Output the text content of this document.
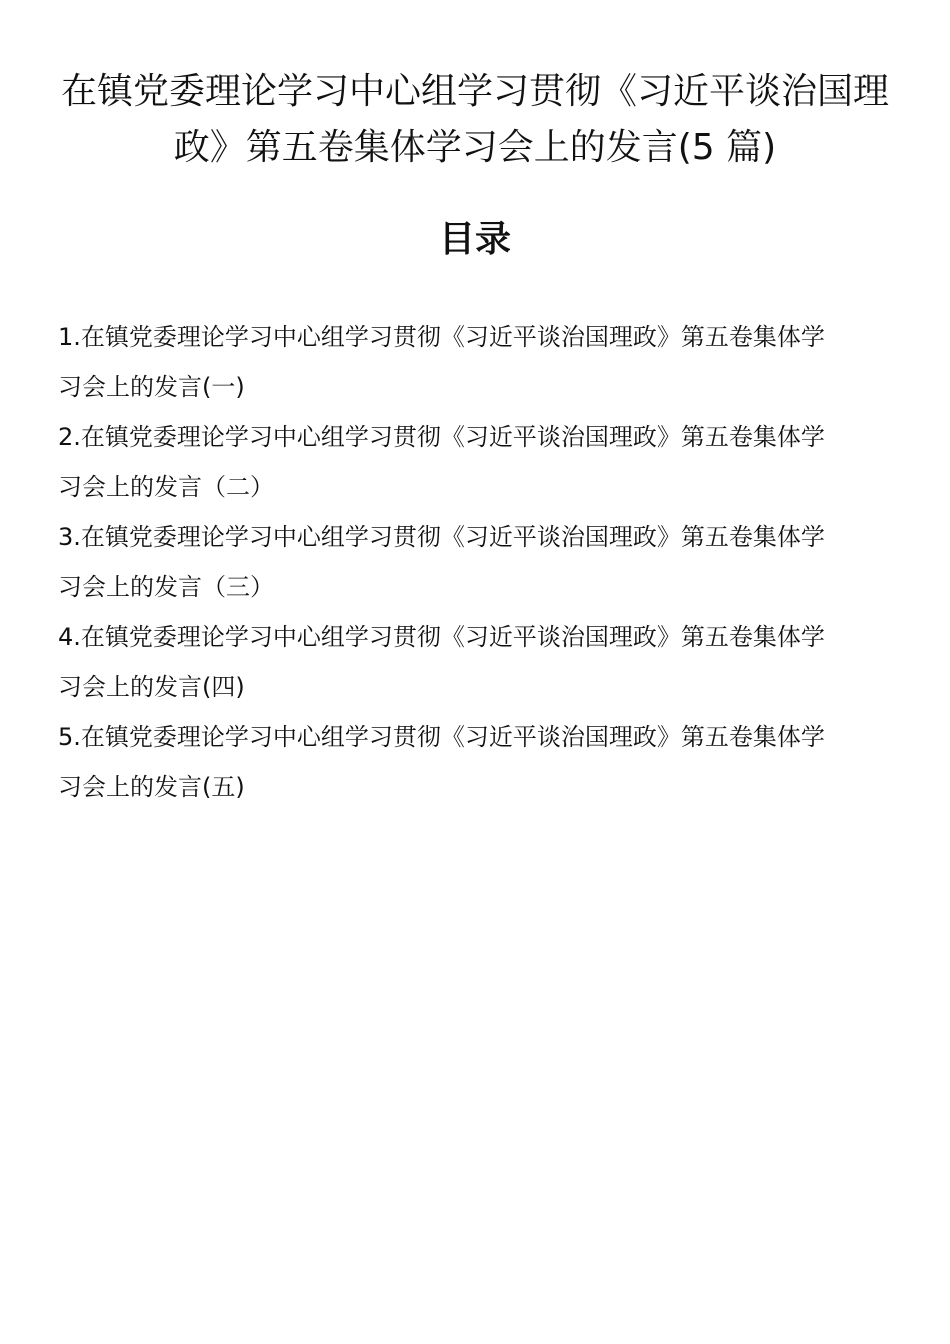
在镇党委理论学习中心组学习贯彻《习近平谈治国理
政》第五卷集体学习会上的发言(5 篇)
目录
1.在镇党委理论学习中心组学习贯彻《习近平谈治国理政》第五卷集体学
习会上的发言(一)
2.在镇党委理论学习中心组学习贯彻《习近平谈治国理政》第五卷集体学
习会上的发言（二）
3.在镇党委理论学习中心组学习贯彻《习近平谈治国理政》第五卷集体学
习会上的发言（三）
4.在镇党委理论学习中心组学习贯彻《习近平谈治国理政》第五卷集体学
习会上的发言(四)
5.在镇党委理论学习中心组学习贯彻《习近平谈治国理政》第五卷集体学
习会上的发言(五)
